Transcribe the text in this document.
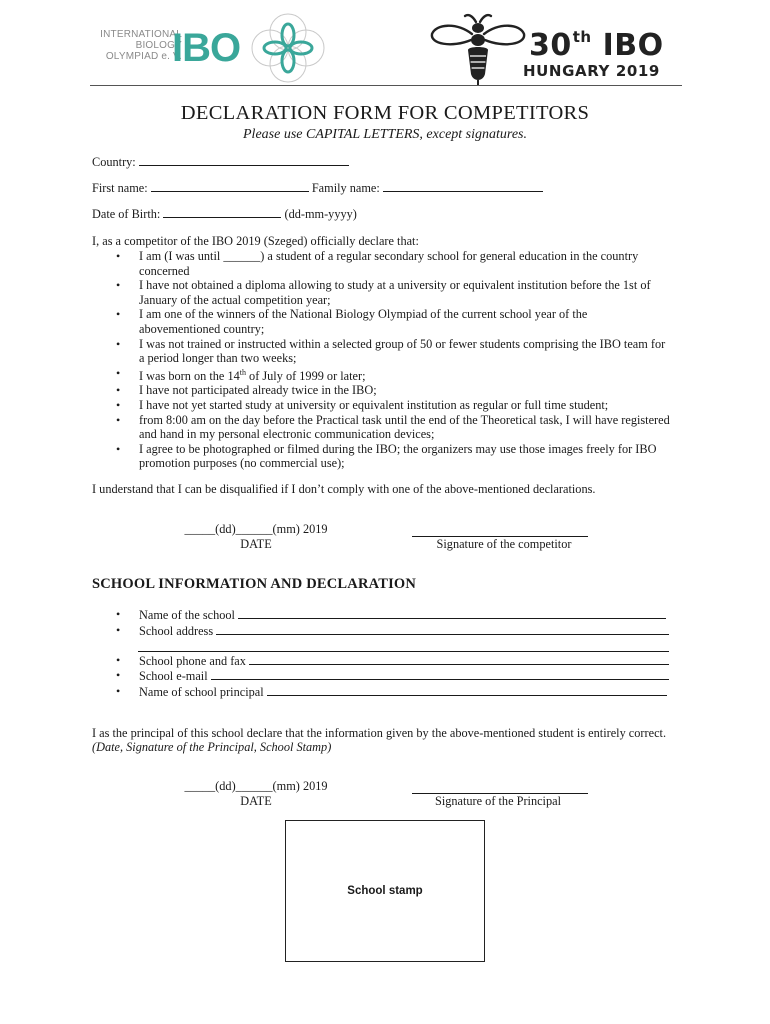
INTERNATIONAL
BIOLOGY
OLYMPIAD e. V.
IBO	30th IBO
HUNGARY 2019
DECLARATION FORM FOR COMPETITORS
Please use CAPITAL LETTERS, except signatures.
Country:
First name:	Family name:
Date of Birth:	(dd-mm-yyyy)
I, as a competitor of the IBO 2019 (Szeged) officially declare that:
• I am (I was until ______) a student of a regular secondary school for general education in the country
concerned
• I have not obtained a diploma allowing to study at a university or equivalent institution before the 1st of
January of the actual competition year;
• I am one of the winners of the National Biology Olympiad of the current school year of the
abovementioned country;
• I was not trained or instructed within a selected group of 50 or fewer students comprising the IBO team for
a period longer than two weeks;
• I was born on the 14th of July of 1999 or later;
• I have not participated already twice in the IBO;
• I have not yet started study at university or equivalent institution as regular or full time student;
• from 8:00 am on the day before the Practical task until the end of the Theoretical task, I will have registered
and hand in my personal electronic communication devices;
• I agree to be photographed or filmed during the IBO; the organizers may use those images freely for IBO
promotion purposes (no commercial use);
I understand that I can be disqualified if I don’t comply with one of the above-mentioned declarations.
_____(dd)______(mm) 2019
DATE	Signature of the competitor
SCHOOL INFORMATION AND DECLARATION
• Name of the school
• School address
• School phone and fax
• School e-mail
• Name of school principal
I as the principal of this school declare that the information given by the above-mentioned student is entirely correct.
(Date, Signature of the Principal, School Stamp)
_____(dd)______(mm) 2019
DATE	Signature of the Principal
School stamp
